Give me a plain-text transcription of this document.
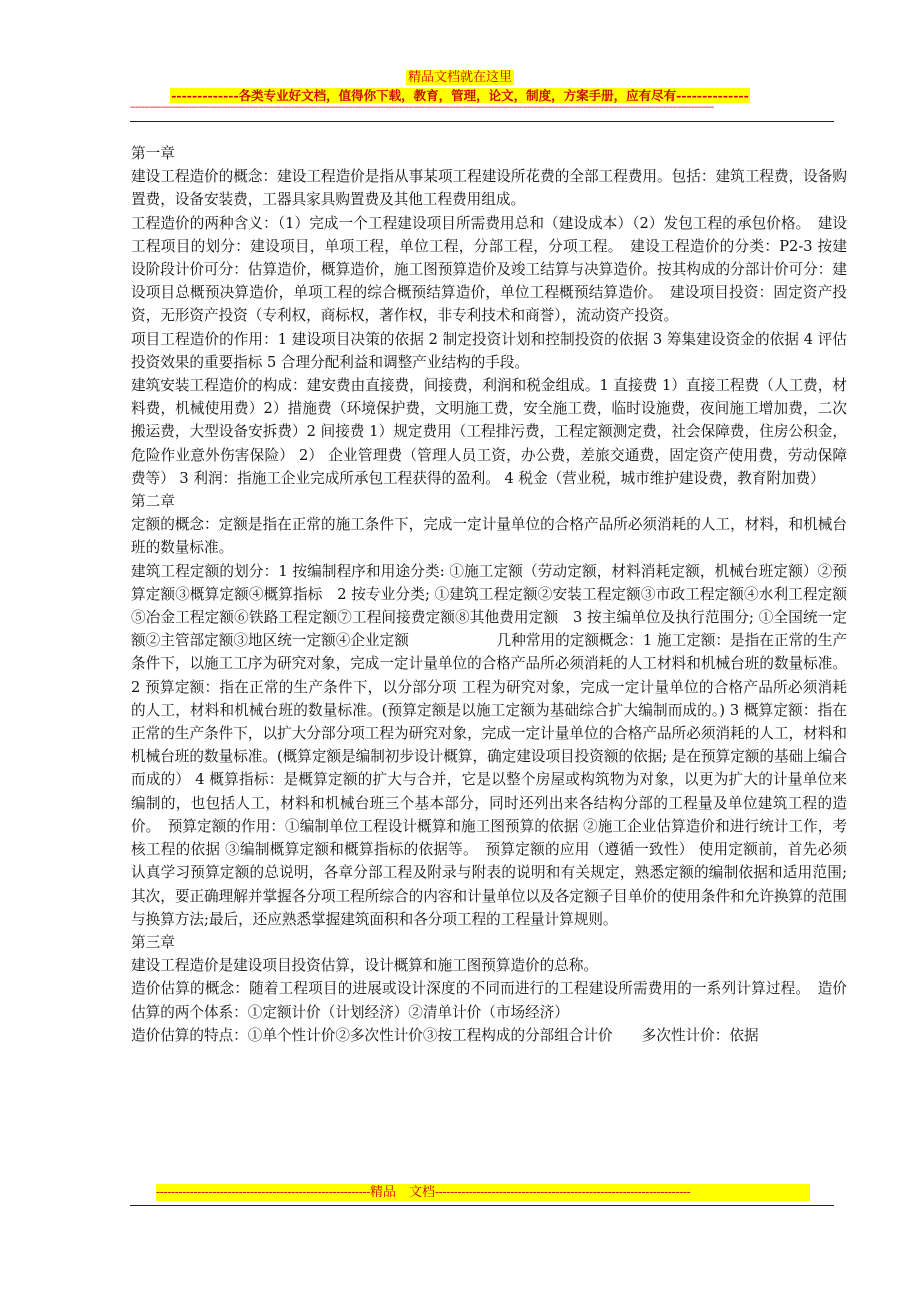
精品文档就在这里
-------------各类专业好文档，值得你下载，教育，管理，论文，制度，方案手册，应有尽有--------------
------------------------------------------------------------------------------------------------------------------------------------------------------------------------------------------------------------------

第一章

建设工程造价的概念：建设工程造价是指从事某项工程建设所花费的全部工程费用。包括：建筑工程费，设备购置费，设备安装费，工器具家具购置费及其他工程费用组成。

工程造价的两种含义：（1）完成一个工程建设项目所需费用总和（建设成本）（2）发包工程的承包价格。　建设工程项目的划分：建设项目，单项工程，单位工程，分部工程，分项工程。　建设工程造价的分类：P2-3 按建设阶段计价可分：估算造价，概算造价，施工图预算造价及竣工结算与决算造价。按其构成的分部计价可分：建设项目总概预决算造价，单项工程的综合概预结算造价，单位工程概预结算造价。　建设项目投资：固定资产投资，无形资产投资（专利权，商标权，著作权，非专利技术和商誉），流动资产投资。

项目工程造价的作用：1 建设项目决策的依据 2 制定投资计划和控制投资的依据 3 筹集建设资金的依据 4 评估投资效果的重要指标 5 合理分配利益和调整产业结构的手段。

建筑安装工程造价的构成：建安费由直接费，间接费，利润和税金组成。1 直接费 1）直接工程费（人工费，材料费，机械使用费）2）措施费（环境保护费，文明施工费，安全施工费，临时设施费，夜间施工增加费，二次搬运费，大型设备安拆费）2 间接费 1）规定费用（工程排污费，工程定额测定费，社会保障费，住房公积金，危险作业意外伤害保险） 2） 企业管理费（管理人员工资，办公费，差旅交通费，固定资产使用费，劳动保障费等） 3 利润：指施工企业完成所承包工程获得的盈利。 4 税金（营业税，城市维护建设费，教育附加费）

第二章

定额的概念：定额是指在正常的施工条件下，完成一定计量单位的合格产品所必须消耗的人工，材料，和机械台班的数量标准。

建筑工程定额的划分：1 按编制程序和用途分类: ①施工定额（劳动定额，材料消耗定额，机械台班定额）②预算定额③概算定额④概算指标　2 按专业分类; ①建筑工程定额②安装工程定额③市政工程定额④水利工程定额⑤冶金工程定额⑥铁路工程定额⑦工程间接费定额⑧其他费用定额　3 按主编单位及执行范围分; ①全国统一定额②主管部定额③地区统一定额④企业定额　　　　　　几种常用的定额概念：1 施工定额：是指在正常的生产条件下，以施工工序为研究对象，完成一定计量单位的合格产品所必须消耗的人工材料和机械台班的数量标准。2 预算定额：指在正常的生产条件下，以分部分项 工程为研究对象，完成一定计量单位的合格产品所必须消耗的人工，材料和机械台班的数量标准。(预算定额是以施工定额为基础综合扩大编制而成的。) 3 概算定额：指在正常的生产条件下，以扩大分部分项工程为研究对象，完成一定计量单位的合格产品所必须消耗的人工，材料和机械台班的数量标准。(概算定额是编制初步设计概算，确定建设项目投资额的依据; 是在预算定额的基础上编合而成的） 4 概算指标：是概算定额的扩大与合并，它是以整个房屋或构筑物为对象，以更为扩大的计量单位来编制的，也包括人工，材料和机械台班三个基本部分，同时还列出来各结构分部的工程量及单位建筑工程的造价。　预算定额的作用：①编制单位工程设计概算和施工图预算的依据 ②施工企业估算造价和进行统计工作，考核工程的依据 ③编制概算定额和概算指标的依据等。　预算定额的应用（遵循一致性） 使用定额前，首先必须认真学习预算定额的总说明，各章分部工程及附录与附表的说明和有关规定，熟悉定额的编制依据和适用范围; 其次，要正确理解并掌握各分项工程所综合的内容和计量单位以及各定额子目单价的使用条件和允许换算的范围与换算方法;最后，还应熟悉掌握建筑面积和各分项工程的工程量计算规则。

第三章

建设工程造价是建设项目投资估算，设计概算和施工图预算造价的总称。

造价估算的概念：随着工程项目的进展或设计深度的不同而进行的工程建设所需费用的一系列计算过程。　造价估算的两个体系：①定额计价（计划经济）②清单计价（市场经济）

造价估算的特点：①单个性计价②多次性计价③按工程构成的分部组合计价　　多次性计价：依据

---------------------------------------------------------精品　文档--------------------------------------------------------------------
